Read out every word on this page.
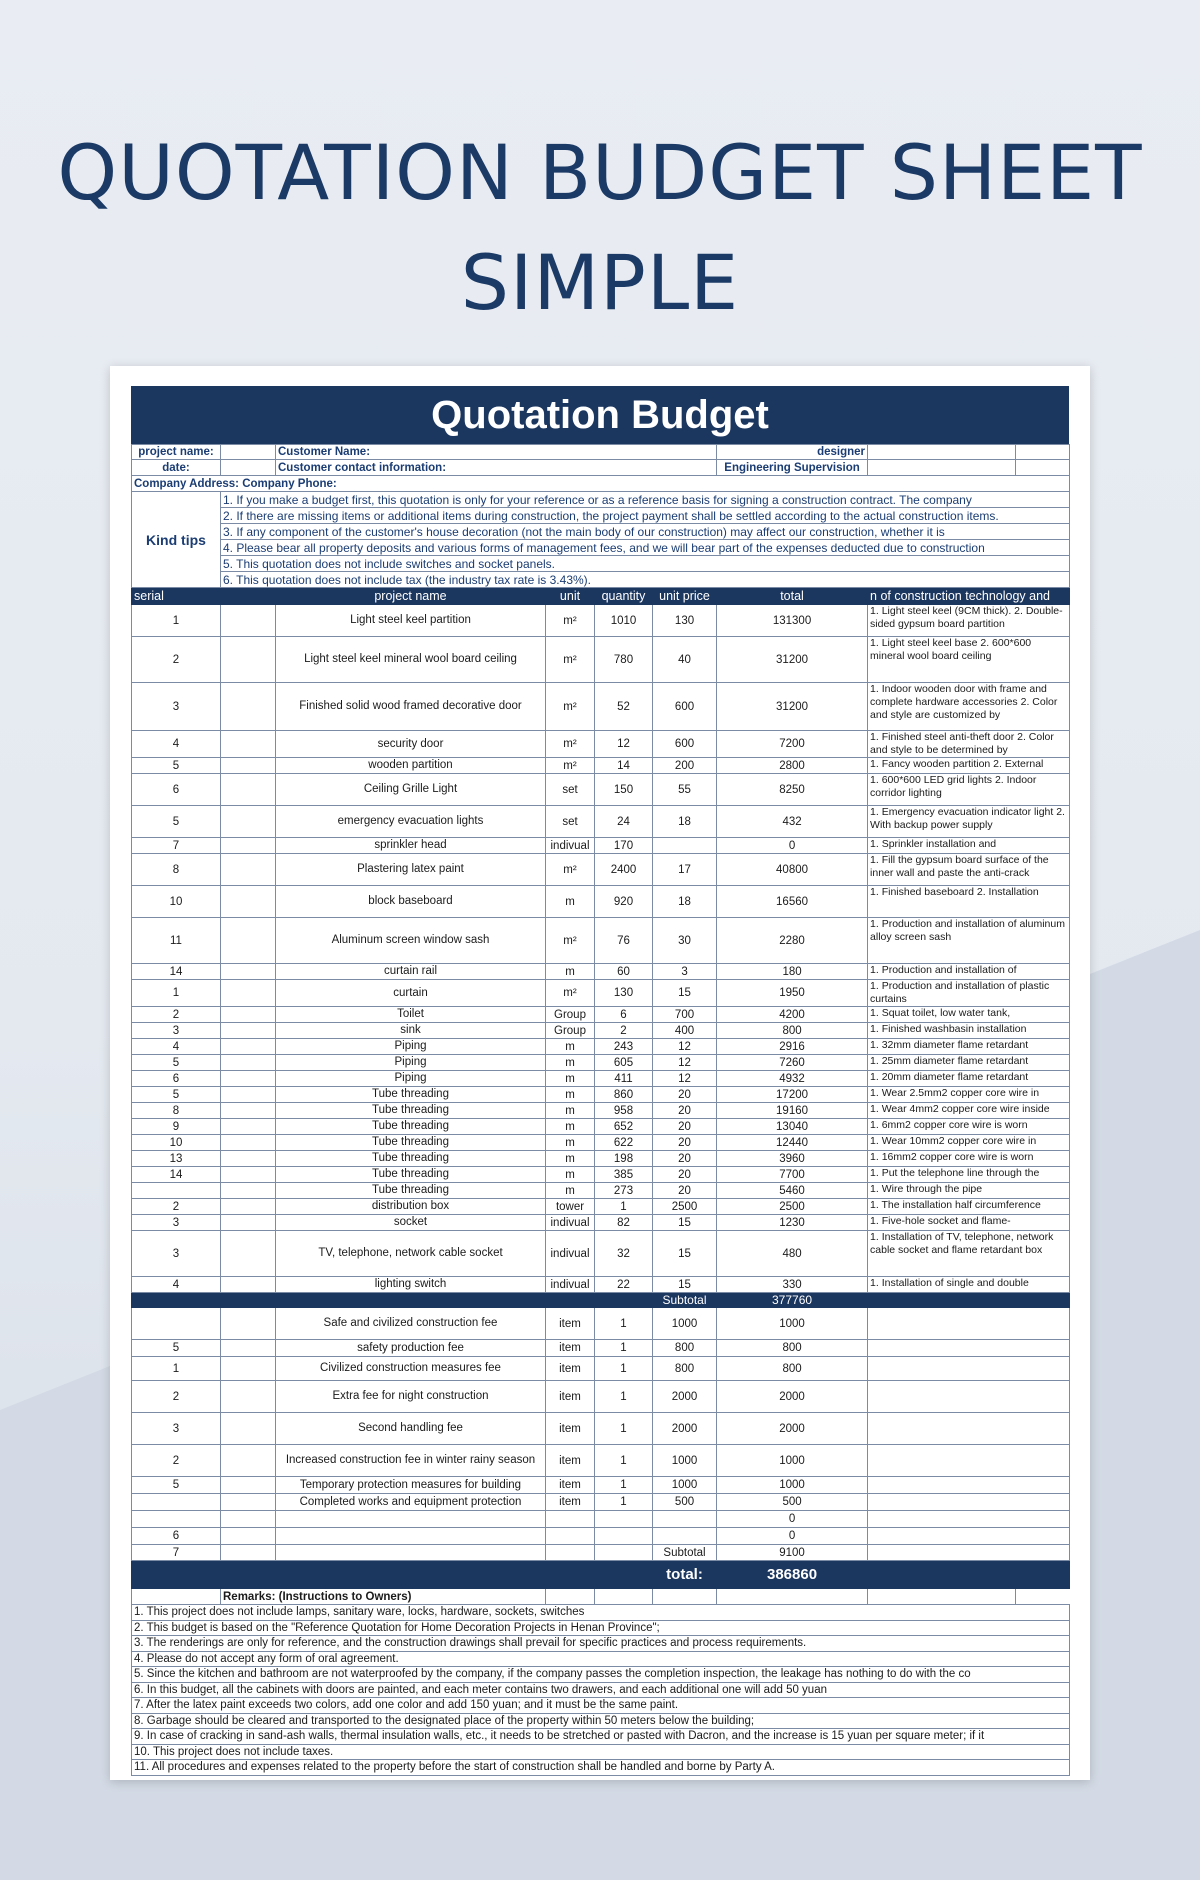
QUOTATION BUDGET SHEET
SIMPLE
Quotation Budget
project name:		Customer Name:				designer		
date:		Customer contact information:				Engineering Supervision		
Company Address: Company Phone:								
Kind tips	1. If you make a budget first, this quotation is only for your reference or as a reference basis for signing a construction contract. The company							
	2. If there are missing items or additional items during construction, the project payment shall be settled according to the actual construction items.							
	3. If any component of the customer's house decoration (not the main body of our construction) may affect our construction, whether it is							
	4. Please bear all property deposits and various forms of management fees, and we will bear part of the expenses deducted due to construction							
	5. This quotation does not include switches and socket panels.							
	6. This quotation does not include tax (the industry tax rate is 3.43%).							
serial		project name	unit	quantity	unit price	total	n of construction technology and	
1		Light steel keel partition	m²	1010	130	131300	1. Light steel keel (9CM thick). 2. Double-sided gypsum board partition	
2		Light steel keel mineral wool board ceiling	m²	780	40	31200	1. Light steel keel base 2. 600*600 mineral wool board ceiling	
3		Finished solid wood framed decorative door	m²	52	600	31200	1. Indoor wooden door with frame and complete hardware accessories 2. Color and style are customized by	
4		security door	m²	12	600	7200	1. Finished steel anti-theft door 2. Color and style to be determined by	
5		wooden partition	m²	14	200	2800	1. Fancy wooden partition 2. External	
6		Ceiling Grille Light	set	150	55	8250	1. 600*600 LED grid lights 2. Indoor corridor lighting	
5		emergency evacuation lights	set	24	18	432	1. Emergency evacuation indicator light 2. With backup power supply	
7		sprinkler head	indivual	170		0	1. Sprinkler installation and	
8		Plastering latex paint	m²	2400	17	40800	1. Fill the gypsum board surface of the inner wall and paste the anti-crack	
10		block baseboard	m	920	18	16560	1. Finished baseboard 2. Installation	
11		Aluminum screen window sash	m²	76	30	2280	1. Production and installation of aluminum alloy screen sash	
14		curtain rail	m	60	3	180	1. Production and installation of	
1		curtain	m²	130	15	1950	1. Production and installation of plastic curtains	
2		Toilet	Group	6	700	4200	1. Squat toilet, low water tank,	
3		sink	Group	2	400	800	1. Finished washbasin installation	
4		Piping	m	243	12	2916	1. 32mm diameter flame retardant	
5		Piping	m	605	12	7260	1. 25mm diameter flame retardant	
6		Piping	m	411	12	4932	1. 20mm diameter flame retardant	
5		Tube threading	m	860	20	17200	1. Wear 2.5mm2 copper core wire in	
8		Tube threading	m	958	20	19160	1. Wear 4mm2 copper core wire inside	
9		Tube threading	m	652	20	13040	1. 6mm2 copper core wire is worn	
10		Tube threading	m	622	20	12440	1. Wear 10mm2 copper core wire in	
13		Tube threading	m	198	20	3960	1. 16mm2 copper core wire is worn	
14		Tube threading	m	385	20	7700	1. Put the telephone line through the	
		Tube threading	m	273	20	5460	1. Wire through the pipe	
2		distribution box	tower	1	2500	2500	1. The installation half circumference	
3		socket	indivual	82	15	1230	1. Five-hole socket and flame-	
3		TV, telephone, network cable socket	indivual	32	15	480	1. Installation of TV, telephone, network cable socket and flame retardant box	
4		lighting switch	indivual	22	15	330	1. Installation of single and double	
					Subtotal	377760		
		Safe and civilized construction fee	item	1	1000	1000		
5		safety production fee	item	1	800	800		
1		Civilized construction measures fee	item	1	800	800		
2		Extra fee for night construction	item	1	2000	2000		
3		Second handling fee	item	1	2000	2000		
2		Increased construction fee in winter rainy season	item	1	1000	1000		
5		Temporary protection measures for building	item	1	1000	1000		
		Completed works and equipment protection	item	1	500	500		
						0		
6						0		
7					Subtotal	9100		
					total:	386860		
	Remarks: (Instructions to Owners)							
1. This project does not include lamps, sanitary ware, locks, hardware, sockets, switches								
2. This budget is based on the "Reference Quotation for Home Decoration Projects in Henan Province";								
3. The renderings are only for reference, and the construction drawings shall prevail for specific practices and process requirements.								
4. Please do not accept any form of oral agreement.								
5. Since the kitchen and bathroom are not waterproofed by the company, if the company passes the completion inspection, the leakage has nothing to do with the co								
6. In this budget, all the cabinets with doors are painted, and each meter contains two drawers, and each additional one will add 50 yuan								
7. After the latex paint exceeds two colors, add one color and add 150 yuan; and it must be the same paint.								
8. Garbage should be cleared and transported to the designated place of the property within 50 meters below the building;								
9. In case of cracking in sand-ash walls, thermal insulation walls, etc., it needs to be stretched or pasted with Dacron, and the increase is 15 yuan per square meter; if it								
10. This project does not include taxes.								
11. All procedures and expenses related to the property before the start of construction shall be handled and borne by Party A.								
